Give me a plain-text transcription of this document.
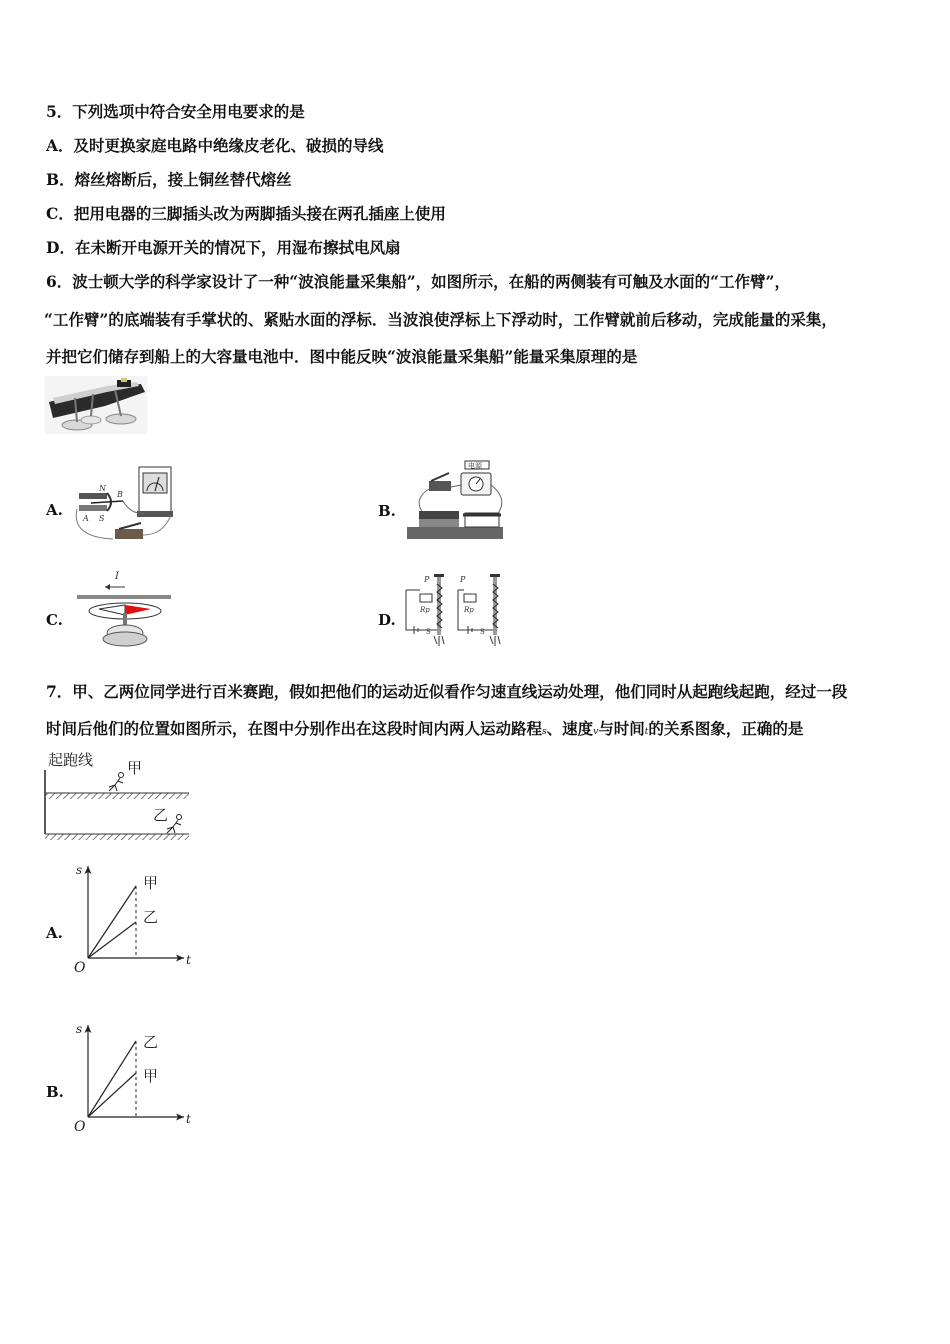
5．下列选项中符合安全用电要求的是
A．及时更换家庭电路中绝缘皮老化、破损的导线
B．熔丝熔断后，接上铜丝替代熔丝
C．把用电器的三脚插头改为两脚插头接在两孔插座上使用
D．在未断开电源开关的情况下，用湿布擦拭电风扇
6．波士顿大学的科学家设计了一种“波浪能量采集船”，如图所示，在船的两侧装有可触及水面的“工作臂”，
“工作臂”的底端装有手掌状的、紧贴水面的浮标．当波浪使浮标上下浮动时，工作臂就前后移动，完成能量的采集，
并把它们储存到船上的大容量电池中．图中能反映“波浪能量采集船”能量采集原理的是
A.
N
S
A
B
B.
电源
C.
I
D.
P
Rp
S
P
Rp
S
7．甲、乙两位同学进行百米赛跑，假如把他们的运动近似看作匀速直线运动处理，他们同时从起跑线起跑，经过一段
时间后他们的位置如图所示，在图中分别作出在这段时间内两人运动路程s、速度v与时间t的关系图象，正确的是
起跑线 甲
乙
A.
s
t
O
甲
乙
B.
s
t
O
乙
甲
